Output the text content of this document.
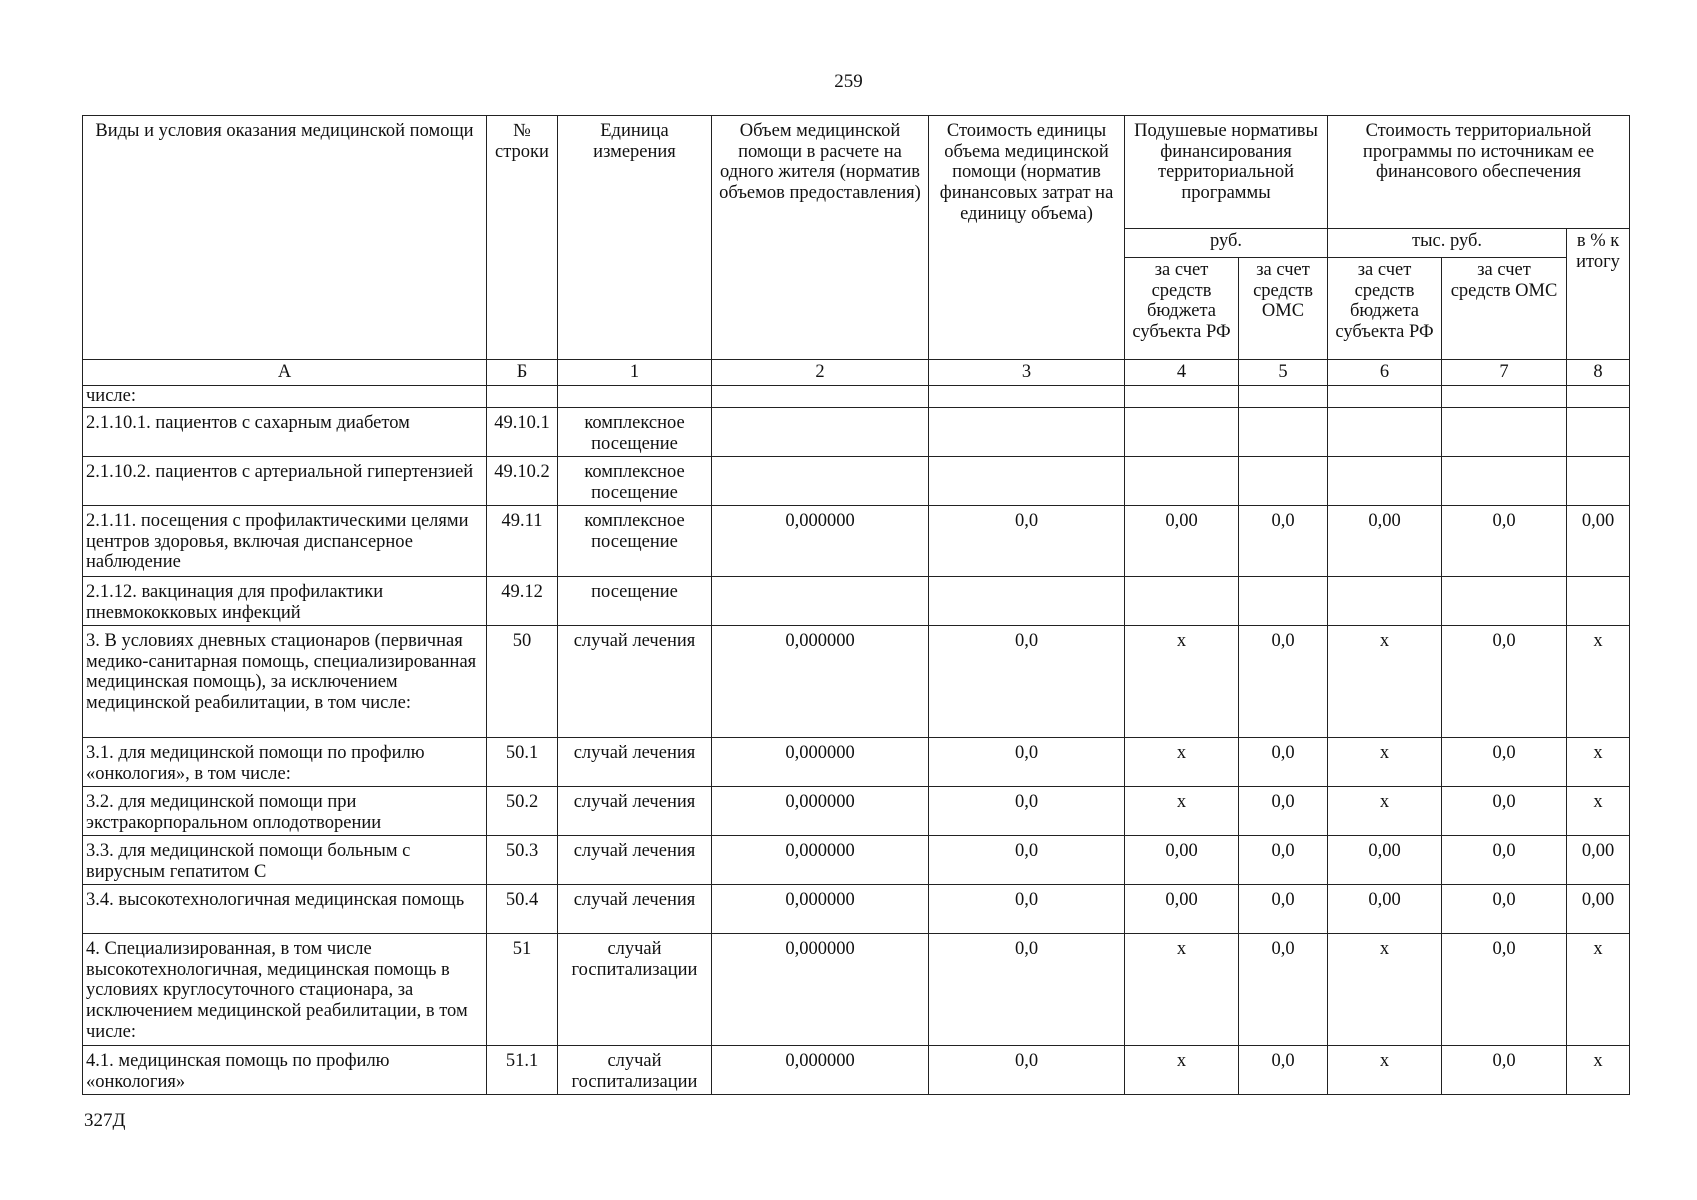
259
Виды и условия оказания медицинской помощи	№ строки	Единица измерения	Объем медицинской помощи в расчете на одного жителя (норматив объемов предоставления)	Стоимость единицы объема медицинской помощи (норматив финансовых затрат на единицу объема)	Подушевые нормативы финансирования территориальной программы		Стоимость территориальной программы по источникам ее финансового обеспечения		
					руб.		тыс. руб.		в % к итогу
					за счет средств бюджета субъекта РФ	за счет средств ОМС	за счет средств бюджета субъекта РФ	за счет средств ОМС	
А	Б	1	2	3	4	5	6	7	8
числе:									
2.1.10.1. пациентов с сахарным диабетом	49.10.1	комплексное посещение							
2.1.10.2. пациентов с артериальной гипертензией	49.10.2	комплексное посещение							
2.1.11. посещения с профилактическими целями центров здоровья, включая диспансерное наблюдение	49.11	комплексное посещение	0,000000	0,0	0,00	0,0	0,00	0,0	0,00
2.1.12. вакцинация для профилактики пневмококковых инфекций	49.12	посещение							
3. В условиях дневных стационаров (первичная медико-санитарная помощь, специализированная медицинская помощь), за исключением медицинской реабилитации, в том числе:	50	случай лечения	0,000000	0,0	х	0,0	х	0,0	х
3.1. для медицинской помощи по профилю «онкология», в том числе:	50.1	случай лечения	0,000000	0,0	х	0,0	х	0,0	х
3.2. для медицинской помощи при экстракорпоральном оплодотворении	50.2	случай лечения	0,000000	0,0	х	0,0	х	0,0	х
3.3. для медицинской помощи больным с вирусным гепатитом С	50.3	случай лечения	0,000000	0,0	0,00	0,0	0,00	0,0	0,00
3.4. высокотехнологичная медицинская помощь	50.4	случай лечения	0,000000	0,0	0,00	0,0	0,00	0,0	0,00
4. Специализированная, в том числе высокотехнологичная, медицинская помощь в условиях круглосуточного стационара, за исключением медицинской реабилитации, в том числе:	51	случай госпитализации	0,000000	0,0	х	0,0	х	0,0	х
4.1. медицинская помощь по профилю «онкология»	51.1	случай госпитализации	0,000000	0,0	х	0,0	х	0,0	х
327Д
